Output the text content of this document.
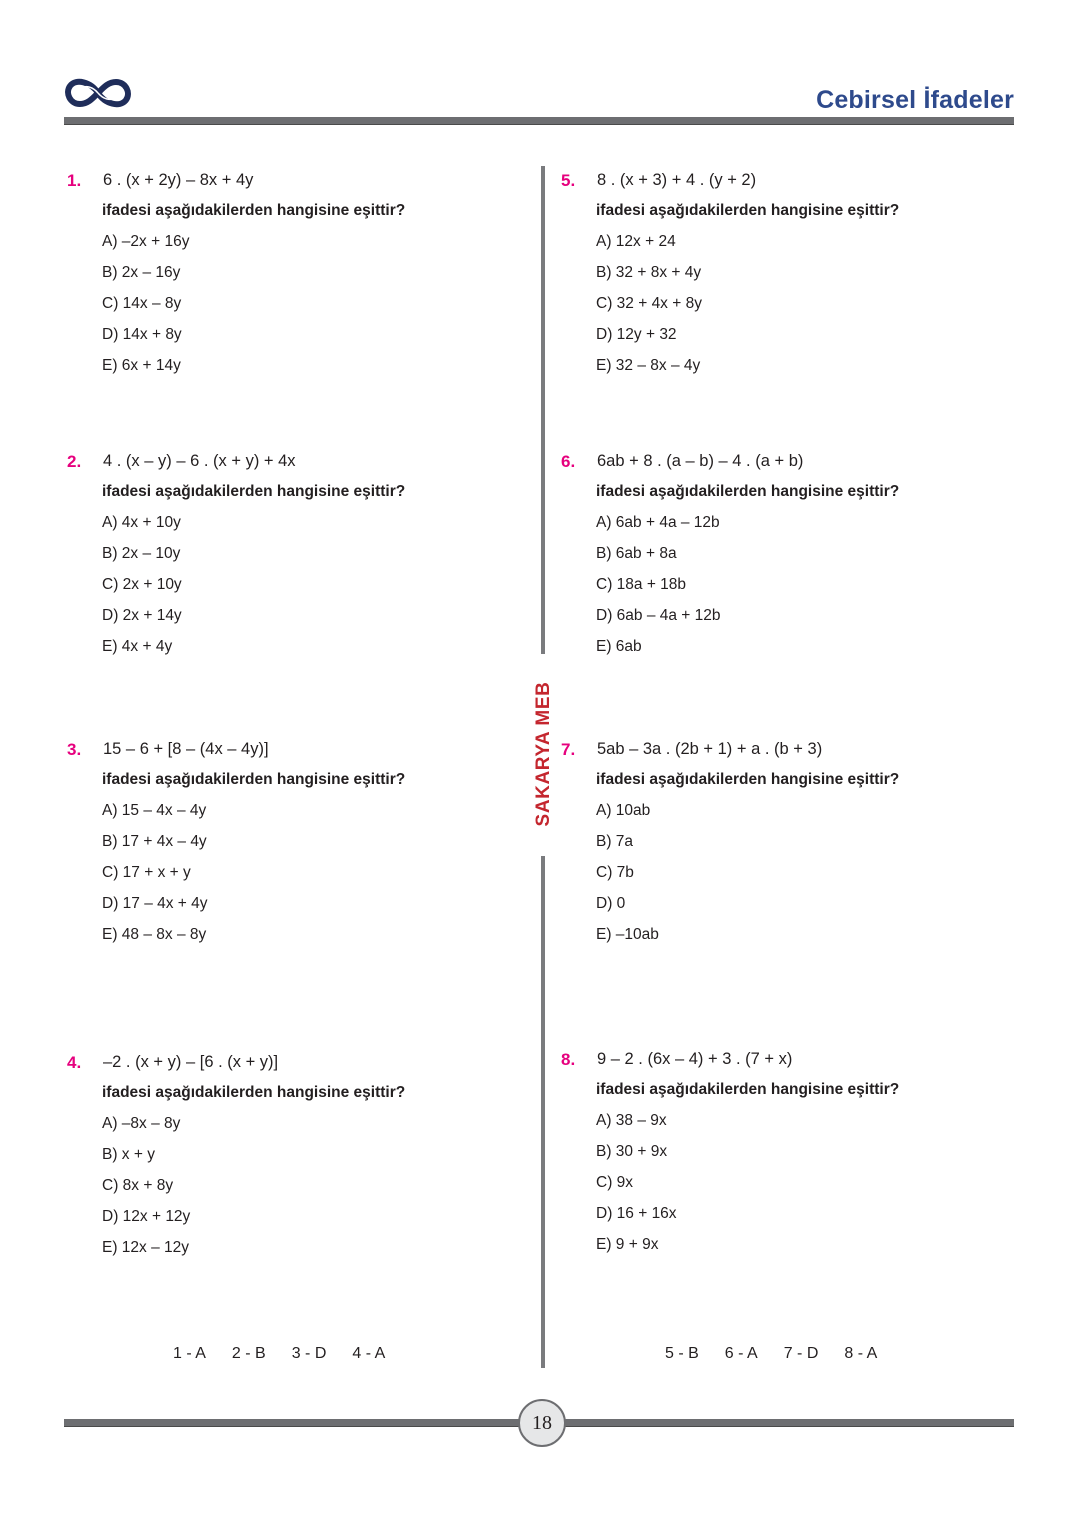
Cebirsel İfadeler
SAKARYA MEB
1. 6 . (x + 2y) – 8x + 4y
ifadesi aşağıdakilerden hangisine eşittir?
A) –2x + 16y
B) 2x – 16y
C) 14x – 8y
D) 14x + 8y
E) 6x + 14y
2. 4 . (x – y) – 6 . (x + y) + 4x
ifadesi aşağıdakilerden hangisine eşittir?
A) 4x + 10y
B) 2x – 10y
C) 2x + 10y
D) 2x + 14y
E) 4x + 4y
3. 15 – 6 + [8 – (4x – 4y)]
ifadesi aşağıdakilerden hangisine eşittir?
A) 15 – 4x – 4y
B) 17 + 4x – 4y
C) 17 + x + y
D) 17 – 4x + 4y
E) 48 – 8x – 8y
4. –2 . (x + y) – [6 . (x + y)]
ifadesi aşağıdakilerden hangisine eşittir?
A) –8x – 8y
B) x + y
C) 8x + 8y
D) 12x + 12y
E) 12x – 12y
5. 8 . (x + 3) + 4 . (y + 2)
ifadesi aşağıdakilerden hangisine eşittir?
A) 12x + 24
B) 32 + 8x + 4y
C) 32 + 4x + 8y
D) 12y + 32
E) 32 – 8x – 4y
6. 6ab + 8 . (a – b) – 4 . (a + b)
ifadesi aşağıdakilerden hangisine eşittir?
A) 6ab + 4a – 12b
B) 6ab + 8a
C) 18a + 18b
D) 6ab – 4a + 12b
E) 6ab
7. 5ab – 3a . (2b + 1) + a . (b + 3)
ifadesi aşağıdakilerden hangisine eşittir?
A) 10ab
B) 7a
C) 7b
D) 0
E) –10ab
8. 9 – 2 . (6x – 4) + 3 . (7 + x)
ifadesi aşağıdakilerden hangisine eşittir?
A) 38 – 9x
B) 30 + 9x
C) 9x
D) 16 + 16x
E) 9 + 9x
1 - A 2 - B 3 - D 4 - A	5 - B 6 - A 7 - D 8 - A
18
